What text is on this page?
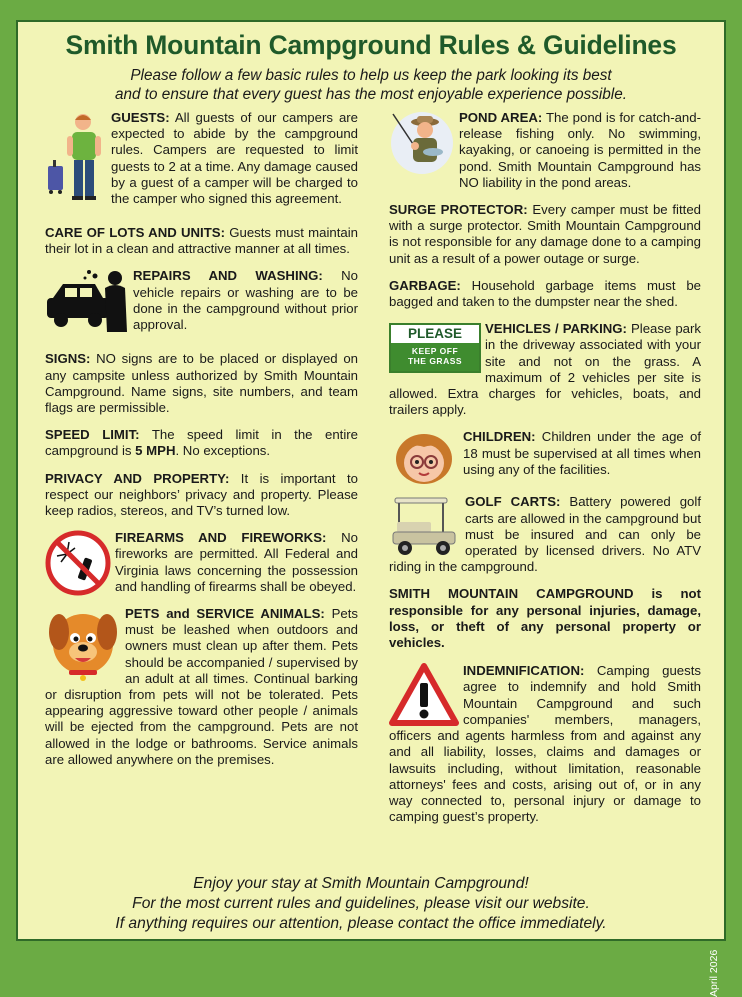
Smith Mountain Campground Rules & Guidelines
Please follow a few basic rules to help us keep the park looking its best
and to ensure that every guest has the most enjoyable experience possible.
GUESTS: All guests of our campers are expected to abide by the campground rules. Campers are requested to limit guests to 2 at a time. Any damage caused by a guest of a camper will be charged to the camper who signed this agreement.
CARE OF LOTS AND UNITS: Guests must maintain their lot in a clean and attractive manner at all times.
REPAIRS AND WASHING: No vehicle repairs or washing are to be done in the campground without prior approval.
SIGNS: NO signs are to be placed or displayed on any campsite unless authorized by Smith Mountain Campground. Name signs, site numbers, and team flags are permissible.
SPEED LIMIT: The speed limit in the entire campground is 5 MPH. No exceptions.
PRIVACY AND PROPERTY: It is important to respect our neighbors’ privacy and property. Please keep radios, stereos, and TV’s turned low.
FIREARMS AND FIREWORKS: No fireworks are permitted. All Federal and Virginia laws concerning the possession and handling of firearms shall be obeyed.
PETS and SERVICE ANIMALS: Pets must be leashed when outdoors and owners must clean up after them. Pets should be accompanied / supervised by an adult at all times. Continual barking or disruption from pets will not be tolerated. Pets appearing aggressive toward other people / animals will be ejected from the campground. Pets are not allowed in the lodge or bathrooms. Service animals are allowed anywhere on the premises.
POND AREA: The pond is for catch-and-release fishing only. No swimming, kayaking, or canoeing is permitted in the pond. Smith Mountain Campground has NO liability in the pond areas.
SURGE PROTECTOR: Every camper must be fitted with a surge protector. Smith Mountain Campground is not responsible for any damage done to a camping unit as a result of a power outage or surge.
GARBAGE: Household garbage items must be bagged and taken to the dumpster near the shed.
PLEASE
KEEP OFF
THE GRASS
VEHICLES / PARKING: Please park in the driveway associated with your site and not on the grass. A maximum of 2 vehicles per site is allowed. Extra charges for vehicles, boats, and trailers apply.
CHILDREN: Children under the age of 18 must be supervised at all times when using any of the facilities.
GOLF CARTS: Battery powered golf carts are allowed in the campground but must be insured and can only be operated by licensed drivers. No ATV riding in the campground.
SMITH MOUNTAIN CAMPGROUND is not responsible for any personal injuries, damage, loss, or theft of any personal property or vehicles.
INDEMNIFICATION: Camping guests agree to indemnify and hold Smith Mountain Campground and such companies' members, managers, officers and agents harmless from and against any and all liability, losses, claims and damages or lawsuits including, without limitation, reasonable attorneys' fees and costs, arising out of, or in any way connected to, personal injury or damage to camping guest’s property.
Enjoy your stay at Smith Mountain Campground!
For the most current rules and guidelines, please visit our website.
If anything requires our attention, please contact the office immediately.
April 2026
